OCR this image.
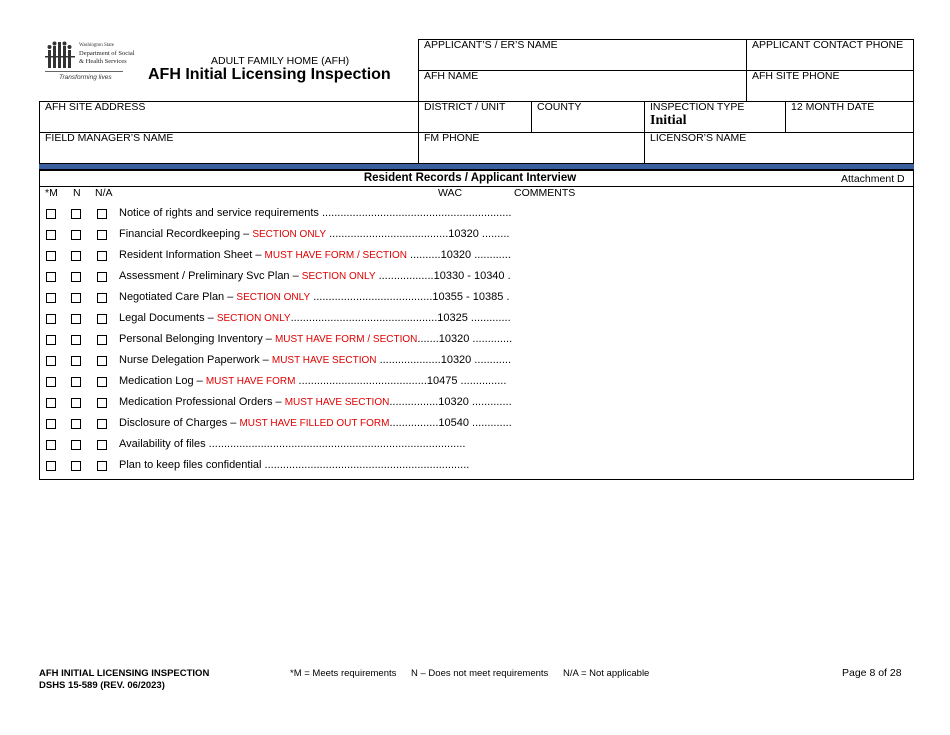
Washington State
Department of Social
& Health Services
Transforming lives
ADULT FAMILY HOME (AFH)
AFH Initial Licensing Inspection
APPLICANT’S / ER’S NAME	APPLICANT CONTACT PHONE
AFH NAME	AFH SITE PHONE
AFH SITE ADDRESS	DISTRICT / UNIT	COUNTY	INSPECTION TYPE
Initial
12 MONTH DATE
FIELD MANAGER’S NAME	FM PHONE	LICENSOR’S NAME
Resident Records / Applicant Interview	Attachment D
*M N N/A	WAC	COMMENTS
Notice of rights and service requirements ..............................................................
Financial Recordkeeping – SECTION ONLY .......................................10320 .........
Resident Information Sheet – MUST HAVE FORM / SECTION ..........10320 ............
Assessment / Preliminary Svc Plan – SECTION ONLY ..................10330 - 10340 .
Negotiated Care Plan – SECTION ONLY .......................................10355 - 10385 .
Legal Documents – SECTION ONLY................................................10325 .............
Personal Belonging Inventory – MUST HAVE FORM / SECTION.......10320 .............
Nurse Delegation Paperwork – MUST HAVE SECTION ....................10320 ............
Medication Log – MUST HAVE FORM ..........................................10475 ...............
Medication Professional Orders – MUST HAVE SECTION................10320 .............
Disclosure of Charges – MUST HAVE FILLED OUT FORM................10540 .............
Availability of files ....................................................................................
Plan to keep files confidential ...................................................................
AFH INITIAL LICENSING INSPECTION
DSHS 15-589 (REV. 06/2023)
*M = Meets requirements N – Does not meet requirements N/A = Not applicable	Page 8 of 28
